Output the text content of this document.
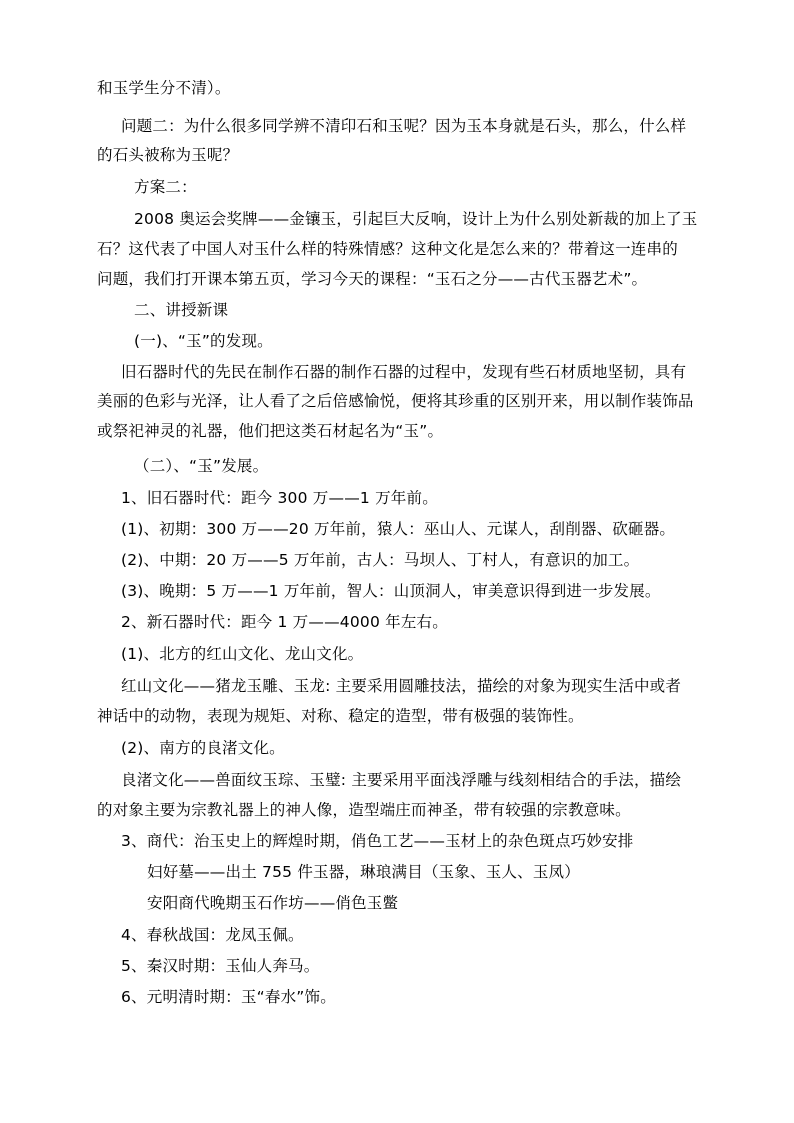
和玉学生分不清）。
问题二：为什么很多同学辨不清印石和玉呢？因为玉本身就是石头，那么，什么样
的石头被称为玉呢？
方案二：
2008 奥运会奖牌——金镶玉，引起巨大反响，设计上为什么别处新裁的加上了玉
石？这代表了中国人对玉什么样的特殊情感？这种文化是怎么来的？带着这一连串的
问题，我们打开课本第五页，学习今天的课程：“玉石之分——古代玉器艺术”。
二、讲授新课
(一)、“玉”的发现。
旧石器时代的先民在制作石器的制作石器的过程中，发现有些石材质地坚韧，具有
美丽的色彩与光泽，让人看了之后倍感愉悦，便将其珍重的区别开来，用以制作装饰品
或祭祀神灵的礼器，他们把这类石材起名为“玉”。
（二）、“玉”发展。
1、旧石器时代：距今 300 万——1 万年前。
(1)、初期：300 万——20 万年前，猿人：巫山人、元谋人，刮削器、砍砸器。
(2)、中期：20 万——5 万年前，古人：马坝人、丁村人，有意识的加工。
(3)、晚期：5 万——1 万年前，智人：山顶洞人，审美意识得到进一步发展。
2、新石器时代：距今 1 万——4000 年左右。
(1)、北方的红山文化、龙山文化。
红山文化——猪龙玉雕、玉龙: 主要采用圆雕技法，描绘的对象为现实生活中或者
神话中的动物，表现为规矩、对称、稳定的造型，带有极强的装饰性。
(2)、南方的良渚文化。
良渚文化——兽面纹玉琮、玉璧: 主要采用平面浅浮雕与线刻相结合的手法，描绘
的对象主要为宗教礼器上的神人像，造型端庄而神圣，带有较强的宗教意味。
3、商代：治玉史上的辉煌时期，俏色工艺——玉材上的杂色斑点巧妙安排
妇好墓——出土 755 件玉器，琳琅满目（玉象、玉人、玉凤）
安阳商代晚期玉石作坊——俏色玉鳖
4、春秋战国：龙凤玉佩。
5、秦汉时期：玉仙人奔马。
6、元明清时期：玉“春水”饰。
